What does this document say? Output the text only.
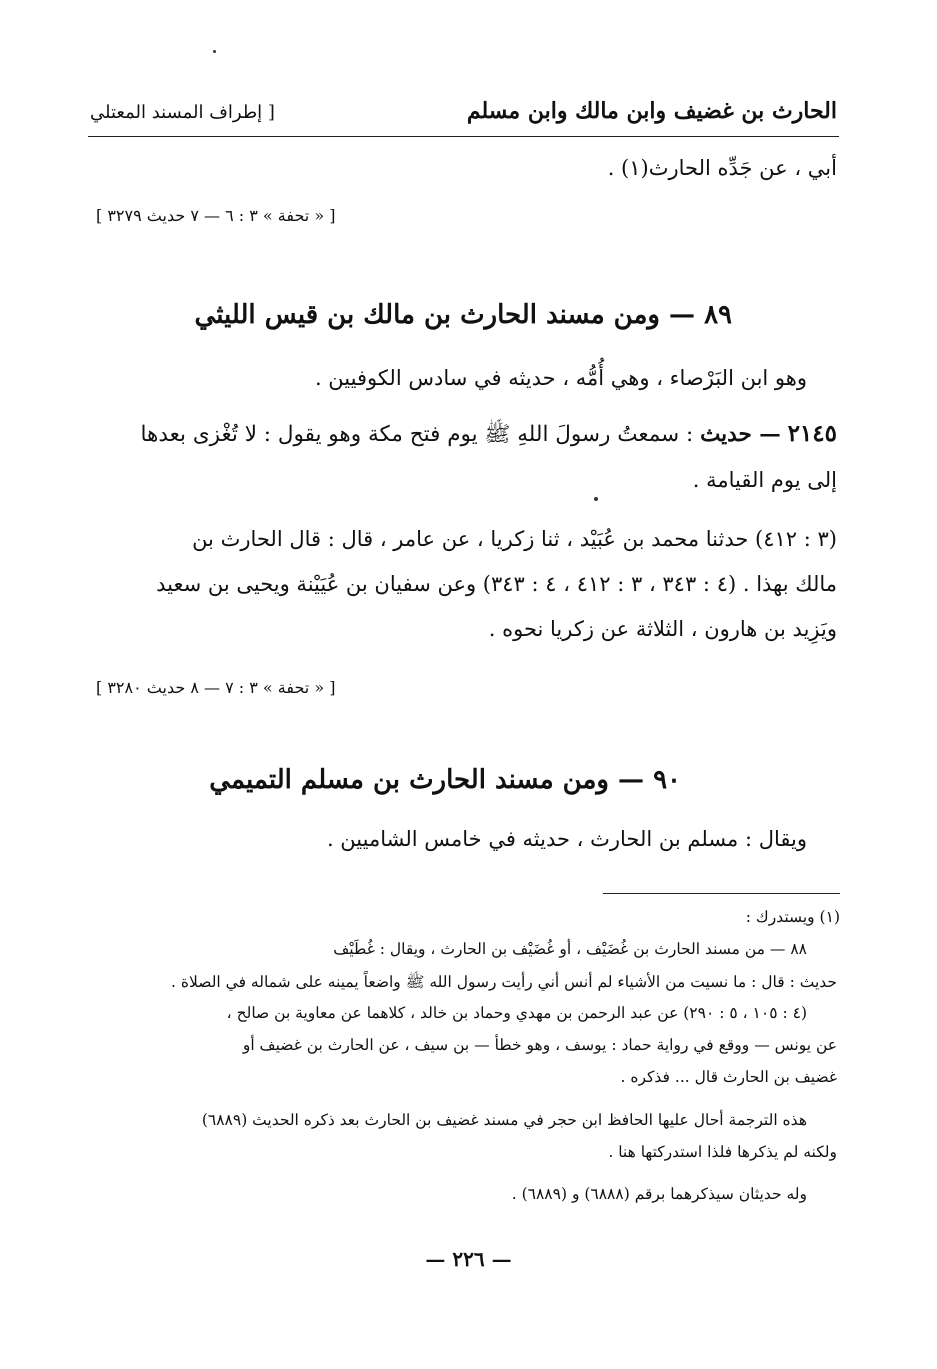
الحارث بن غضيف وابن مالك وابن مسلم
[ إطراف المسند المعتلي
أبي ، عن جَدِّه الحارث(١) .
[ « تحفة » ٣ : ٦ — ٧ حديث ٣٢٧٩ ]
٨٩ — ومن مسند الحارث بن مالك بن قيس الليثي
وهو ابن البَرْصاء ، وهي أُمُّه ، حديثه في سادس الكوفيين .
٢١٤٥ — حديث : سمعتُ رسولَ اللهِ ﷺ يوم فتح مكة وهو يقول : لا تُغْزى بعدها
إلى يوم القيامة .
(٣ : ٤١٢) حدثنا محمد بن عُبَيْد ، ثنا زكريا ، عن عامر ، قال : قال الحارث بن
مالك بهذا . (٤ : ٣٤٣ ، ٣ : ٤١٢ ، ٤ : ٣٤٣) وعن سفيان بن عُيَيْنة ويحيى بن سعيد
ويَزِيد بن هارون ، الثلاثة عن زكريا نحوه .
[ « تحفة » ٣ : ٧ — ٨ حديث ٣٢٨٠ ]
٩٠ — ومن مسند الحارث بن مسلم التميمي
ويقال : مسلم بن الحارث ، حديثه في خامس الشاميين .
(١) ويستدرك :
٨٨ — من مسند الحارث بن غُضَيْف ، أو غُضَيْف بن الحارث ، ويقال : غُطَيْف
حديث : قال : ما نسيت من الأشياء لم أنس أني رأيت رسول الله ﷺ واضعاً يمينه على شماله في الصلاة .
(٤ : ١٠٥ ، ٥ : ٢٩٠) عن عبد الرحمن بن مهدي وحماد بن خالد ، كلاهما عن معاوية بن صالح ،
عن يونس — ووقع في رواية حماد : يوسف ، وهو خطأ — بن سيف ، عن الحارث بن غضيف أو
غضيف بن الحارث قال ... فذكره .
هذه الترجمة أحال عليها الحافظ ابن حجر في مسند غضيف بن الحارث بعد ذكره الحديث (٦٨٨٩)
ولكنه لم يذكرها فلذا استدركتها هنا .
وله حديثان سيذكرهما برقم (٦٨٨٨) و (٦٨٨٩) .
— ٢٢٦ —
